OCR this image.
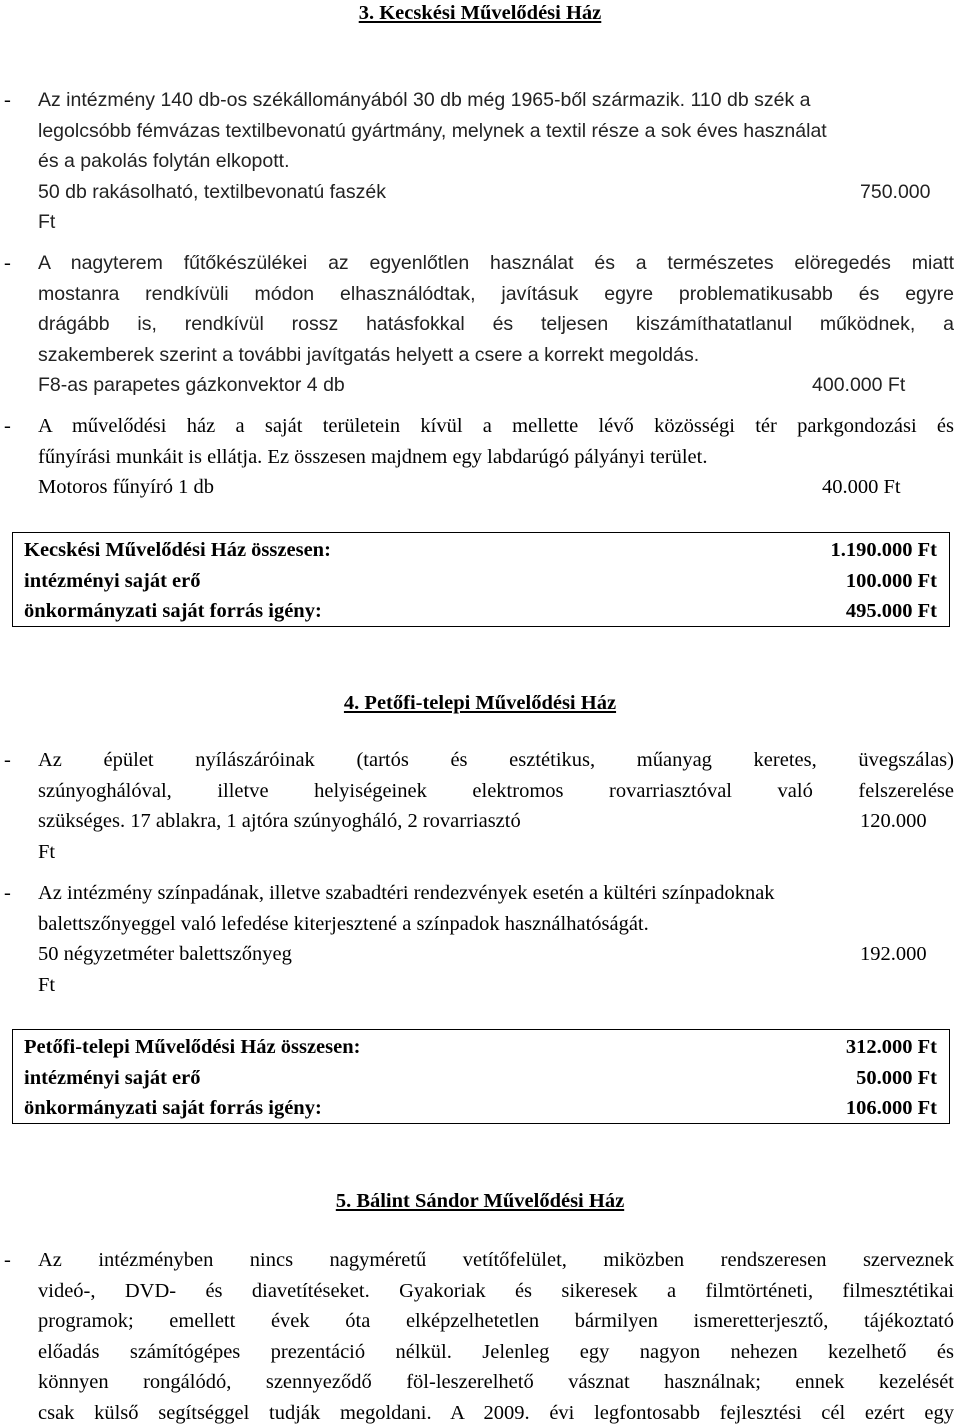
3. Kecskési Művelődési Ház
- Az intézmény 140 db-os székállományából 30 db még 1965-ből származik. 110 db szék a
legolcsóbb fémvázas textilbevonatú gyártmány, melynek a textil része a sok éves használat
és a pakolás folytán elkopott.
50 db rakásolható, textilbevonatú faszék	750.000
Ft
- A nagyterem fűtőkészülékei az egyenlőtlen használat és a természetes elöregedés miatt
mostanra rendkívüli módon elhasználódtak, javításuk egyre problematikusabb és egyre
drágább is, rendkívül rossz hatásfokkal és teljesen kiszámíthatatlanul működnek, a
szakemberek szerint a további javítgatás helyett a csere a korrekt megoldás.
F8-as parapetes gázkonvektor 4 db	400.000 Ft
- A művelődési ház a saját területein kívül a mellette lévő közösségi tér parkgondozási és
fűnyírási munkáit is ellátja. Ez összesen majdnem egy labdarúgó pályányi terület.
Motoros fűnyíró 1 db	40.000 Ft
Kecskési Művelődési Ház összesen:	1.190.000 Ft
intézményi saját erő	100.000 Ft
önkormányzati saját forrás igény:	495.000 Ft
4. Petőfi-telepi Művelődési Ház
- Az épület nyílászáróinak (tartós és esztétikus, műanyag keretes, üvegszálas)
szúnyoghálóval, illetve helyiségeinek elektromos rovarriasztóval való felszerelése
szükséges. 17 ablakra, 1 ajtóra szúnyogháló, 2 rovarriasztó	120.000
Ft
- Az intézmény színpadának, illetve szabadtéri rendezvények esetén a kültéri színpadoknak
balettszőnyeggel való lefedése kiterjesztené a színpadok használhatóságát.
50 négyzetméter balettszőnyeg	192.000
Ft
Petőfi-telepi Művelődési Ház összesen:	312.000 Ft
intézményi saját erő	50.000 Ft
önkormányzati saját forrás igény:	106.000 Ft
5. Bálint Sándor Művelődési Ház
- Az intézményben nincs nagyméretű vetítőfelület, miközben rendszeresen szerveznek
videó-, DVD- és diavetítéseket. Gyakoriak és sikeresek a filmtörténeti, filmesztétikai
programok; emellett évek óta elképzelhetetlen bármilyen ismeretterjesztő, tájékoztató
előadás számítógépes prezentáció nélkül. Jelenleg egy nagyon nehezen kezelhető és
könnyen rongálódó, szennyeződő föl-leszerelhető vásznat használnak; ennek kezelését
csak külső segítséggel tudják megoldani. A 2009. évi legfontosabb fejlesztési cél ezért egy
